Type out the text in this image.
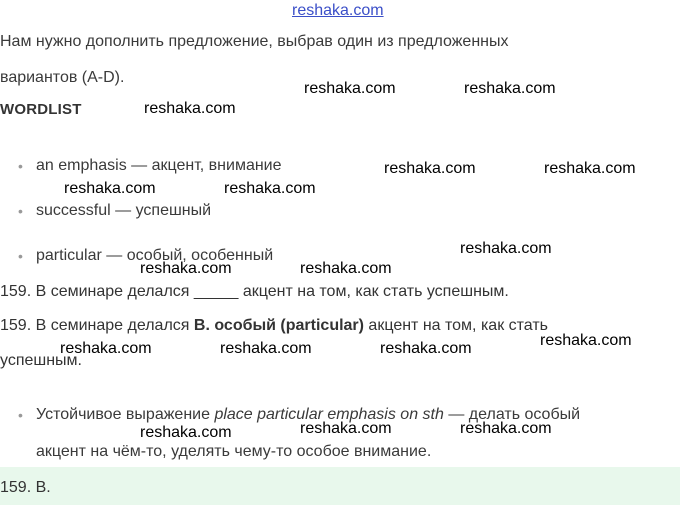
reshaka.com
Нам нужно дополнить предложение, выбрав один из предложенных
вариантов (A-D).
WORDLIST
• an emphasis — акцент, внимание
• successful — успешный
• particular — особый, особенный
159. В семинаре делался _____ акцент на том, как стать успешным.
159. В семинаре делался B. особый (particular) акцент на том, как стать
успешным.
• Устойчивое выражение place particular emphasis on sth — делать особый
акцент на чём-то, уделять чему-то особое внимание.
159. B.
reshaka.com	reshaka.com
reshaka.com
reshaka.com	reshaka.com
reshaka.com	reshaka.com
reshaka.com
reshaka.com	reshaka.com
reshaka.com
reshaka.com	reshaka.com	reshaka.com
reshaka.com	reshaka.com
reshaka.com
